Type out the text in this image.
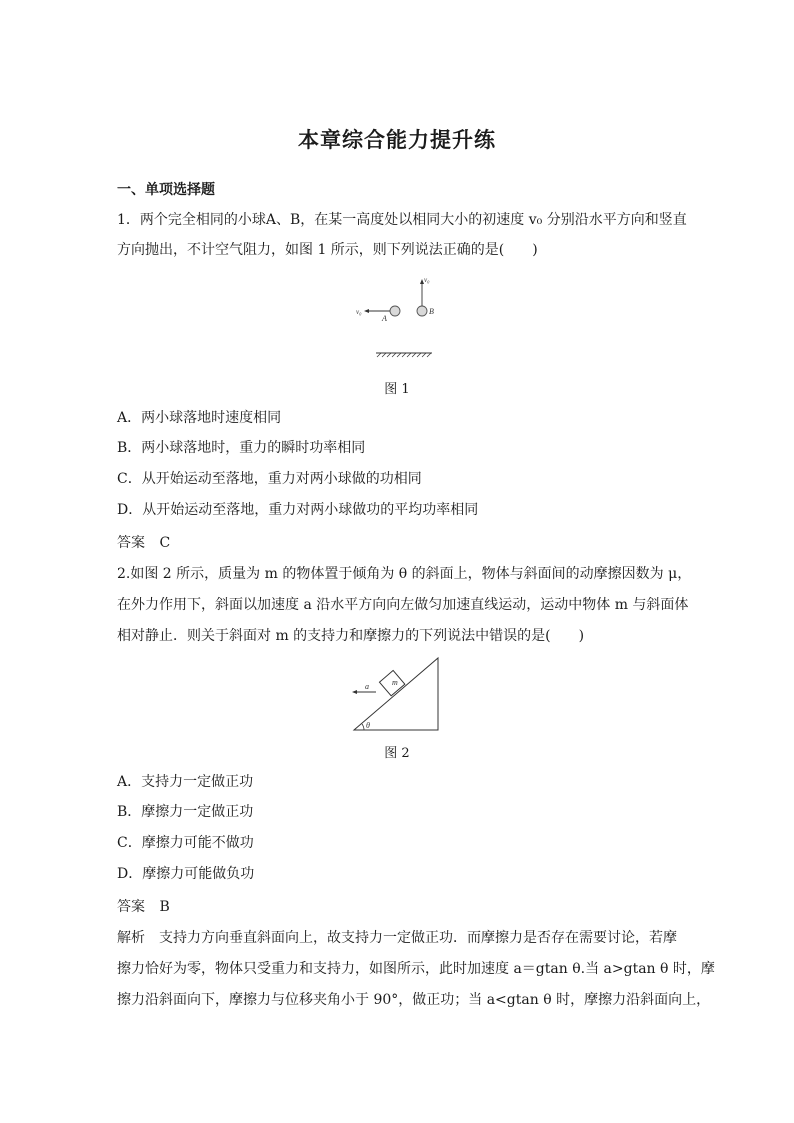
本章综合能力提升练
一、单项选择题
1．两个完全相同的小球A、B，在某一高度处以相同大小的初速度 v₀ 分别沿水平方向和竖直
方向抛出，不计空气阻力，如图 1 所示，则下列说法正确的是(　　)
v₀
A
v₀
B
图 1
A．两小球落地时速度相同
B．两小球落地时，重力的瞬时功率相同
C．从开始运动至落地，重力对两小球做的功相同
D．从开始运动至落地，重力对两小球做功的平均功率相同
答案 C
2.如图 2 所示，质量为 m 的物体置于倾角为 θ 的斜面上，物体与斜面间的动摩擦因数为 μ，
在外力作用下，斜面以加速度 a 沿水平方向向左做匀加速直线运动，运动中物体 m 与斜面体
相对静止．则关于斜面对 m 的支持力和摩擦力的下列说法中错误的是(　　)
m
a
θ
图 2
A．支持力一定做正功
B．摩擦力一定做正功
C．摩擦力可能不做功
D．摩擦力可能做负功
答案 B
解析　支持力方向垂直斜面向上，故支持力一定做正功．而摩擦力是否存在需要讨论，若摩
擦力恰好为零，物体只受重力和支持力，如图所示，此时加速度 a＝gtan θ.当 a>gtan θ 时，摩
擦力沿斜面向下，摩擦力与位移夹角小于 90°，做正功；当 a<gtan θ 时，摩擦力沿斜面向上，
